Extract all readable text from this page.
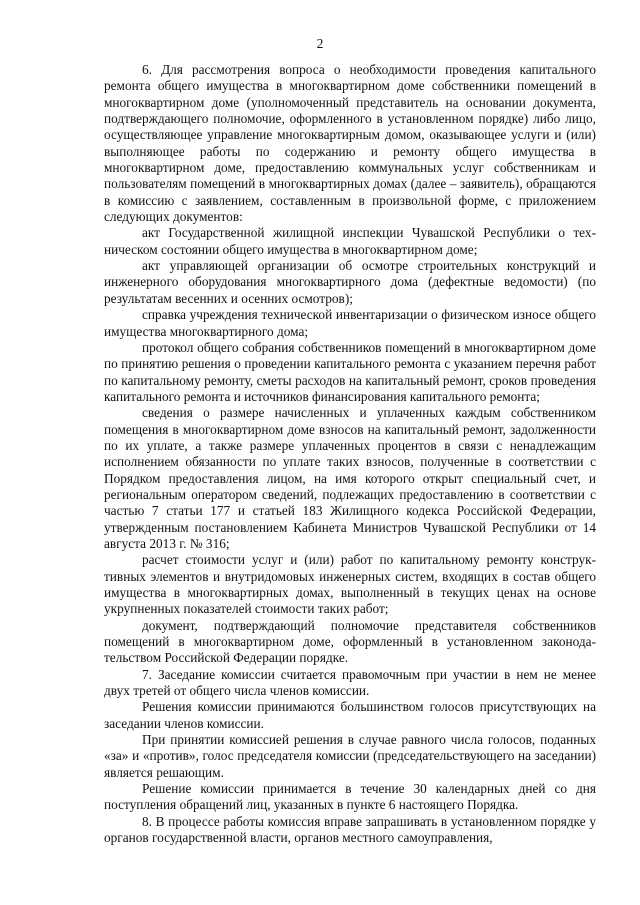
2

6. Для рассмотрения вопроса о необходимости проведения капитального ремонта общего имущества в многоквартирном доме собственники помещений в многоквартирном доме (уполномоченный представитель на основании документа, подтверждающего полномочие, оформленного в установленном порядке) либо лицо, осуществляющее управление многоквартирным домом, оказывающее услуги и (или) выполняющее работы по содержанию и ремонту общего имущества в многоквартирном доме, предоставлению коммунальных услуг собственникам и пользователям помещений в многоквартирных домах (далее – заявитель), обращаются в комиссию с заявлением, составленным в произвольной форме, с приложением следующих документов:

акт Государственной жилищной инспекции Чувашской Республики о техническом состоянии общего имущества в многоквартирном доме;

акт управляющей организации об осмотре строительных конструкций и инженерного оборудования многоквартирного дома (дефектные ведомости) (по результатам весенних и осенних осмотров);

справка учреждения технической инвентаризации о физическом износе общего имущества многоквартирного дома;

протокол общего собрания собственников помещений в многоквартирном доме по принятию решения о проведении капитального ремонта с указанием перечня работ по капитальному ремонту, сметы расходов на капитальный ремонт, сроков проведения капитального ремонта и источников финансирования капитального ремонта;

сведения о размере начисленных и уплаченных каждым собственником помещения в многоквартирном доме взносов на капитальный ремонт, задолженности по их уплате, а также размере уплаченных процентов в связи с ненадлежащим исполнением обязанности по уплате таких взносов, полученные в соответствии с Порядком предоставления лицом, на имя которого открыт специальный счет, и региональным оператором сведений, подлежащих предоставлению в соответствии с частью 7 статьи 177 и статьей 183 Жилищного кодекса Российской Федерации, утвержденным постановлением Кабинета Министров Чувашской Республики от 14 августа 2013 г. № 316;

расчет стоимости услуг и (или) работ по капитальному ремонту конструктивных элементов и внутридомовых инженерных систем, входящих в состав общего имущества в многоквартирных домах, выполненный в текущих ценах на основе укрупненных показателей стоимости таких работ;

документ, подтверждающий полномочие представителя собственников помещений в многоквартирном доме, оформленный в установленном законодательством Российской Федерации порядке.

7. Заседание комиссии считается правомочным при участии в нем не менее двух третей от общего числа членов комиссии.

Решения комиссии принимаются большинством голосов присутствующих на заседании членов комиссии.

При принятии комиссией решения в случае равного числа голосов, поданных «за» и «против», голос председателя комиссии (председательствующего на заседании) является решающим.

Решение комиссии принимается в течение 30 календарных дней со дня поступления обращений лиц, указанных в пункте 6 настоящего Порядка.

8. В процессе работы комиссия вправе запрашивать в установленном порядке у органов государственной власти, органов местного самоуправления,
